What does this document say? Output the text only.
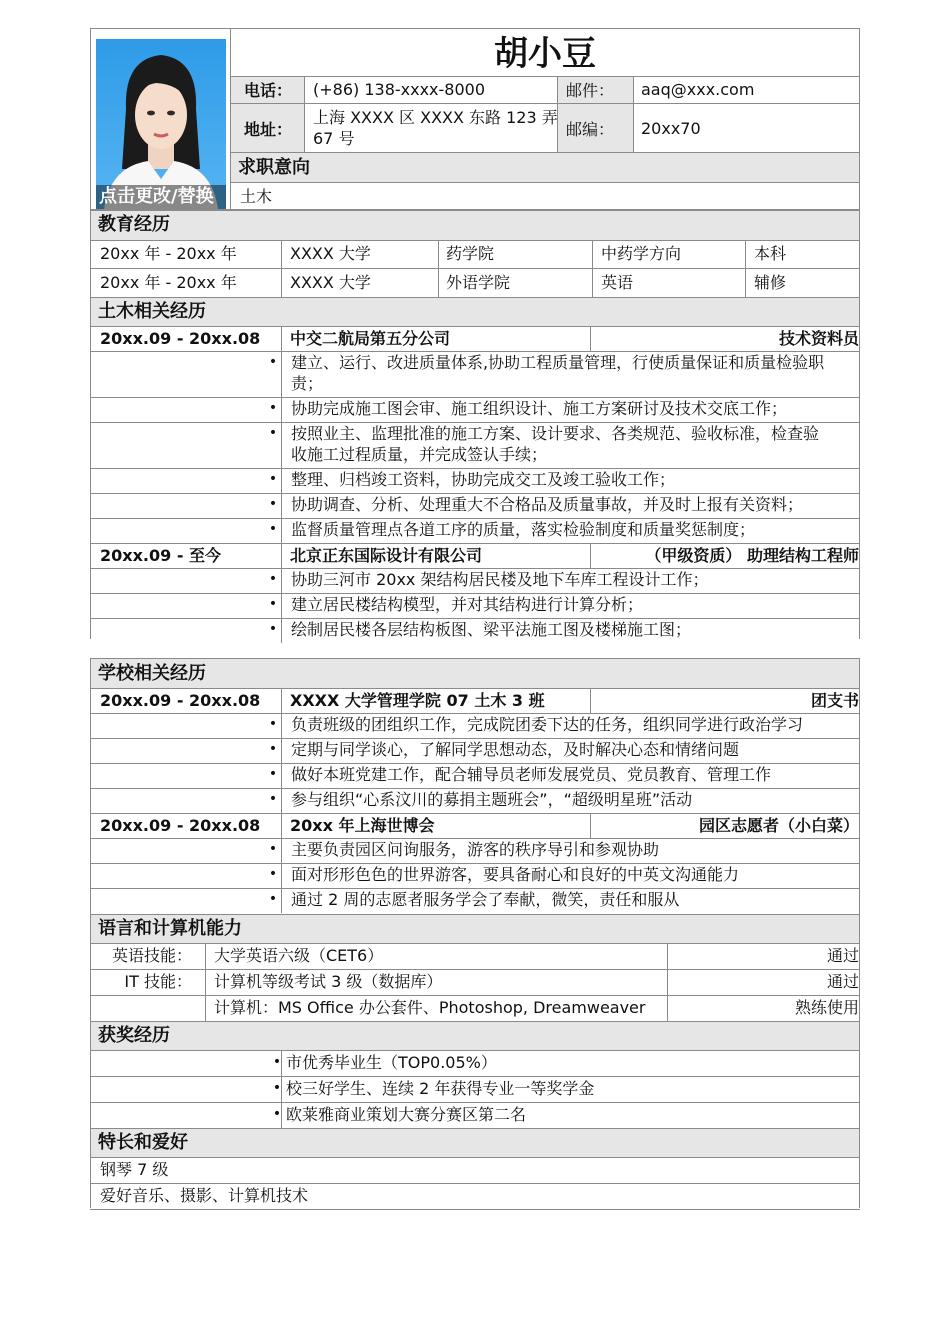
点击更改/替换
胡小豆
电话： (+86) 138-xxxx-8000	邮件： aaq@xxx.com
地址：
上海 XXXX 区 XXXX 东路 123 弄
67 号	邮编： 20xx70
求职意向
土木
教育经历
20xx 年 - 20xx 年	XXXX 大学	药学院	中药学方向	本科
20xx 年 - 20xx 年	XXXX 大学	外语学院	英语	辅修
土木相关经历
20xx.09 - 20xx.08 中交二航局第五分公司	技术资料员
• 建立、运行、改进质量体系,协助工程质量管理，行使质量保证和质量检验职
责；
• 协助完成施工图会审、施工组织设计、施工方案研讨及技术交底工作；
• 按照业主、监理批准的施工方案、设计要求、各类规范、验收标准，检查验
收施工过程质量，并完成签认手续；
• 整理、归档竣工资料，协助完成交工及竣工验收工作；
• 协助调查、分析、处理重大不合格品及质量事故，并及时上报有关资料；
• 监督质量管理点各道工序的质量，落实检验制度和质量奖惩制度；
20xx.09 - 至今	北京正东国际设计有限公司	（甲级资质） 助理结构工程师
• 协助三河市 20xx 架结构居民楼及地下车库工程设计工作；
• 建立居民楼结构模型，并对其结构进行计算分析；
• 绘制居民楼各层结构板图、梁平法施工图及楼梯施工图；
学校相关经历
20xx.09 - 20xx.08 XXXX 大学管理学院 07 土木 3 班	团支书
• 负责班级的团组织工作，完成院团委下达的任务，组织同学进行政治学习
• 定期与同学谈心，了解同学思想动态，及时解决心态和情绪问题
• 做好本班党建工作，配合辅导员老师发展党员、党员教育、管理工作
• 参与组织“心系汶川的募捐主题班会”，“超级明星班”活动
20xx.09 - 20xx.08 20xx 年上海世博会	园区志愿者（小白菜）
• 主要负责园区问询服务，游客的秩序导引和参观协助
• 面对形形色色的世界游客，要具备耐心和良好的中英文沟通能力
• 通过 2 周的志愿者服务学会了奉献，微笑，责任和服从
语言和计算机能力
英语技能： 大学英语六级（CET6）	通过
IT 技能： 计算机等级考试 3 级（数据库）	通过
计算机：MS Office 办公套件、Photoshop, Dreamweaver	熟练使用
获奖经历
• 市优秀毕业生（TOP0.05%）
• 校三好学生、连续 2 年获得专业一等奖学金
• 欧莱雅商业策划大赛分赛区第二名
特长和爱好
钢琴 7 级
爱好音乐、摄影、计算机技术
